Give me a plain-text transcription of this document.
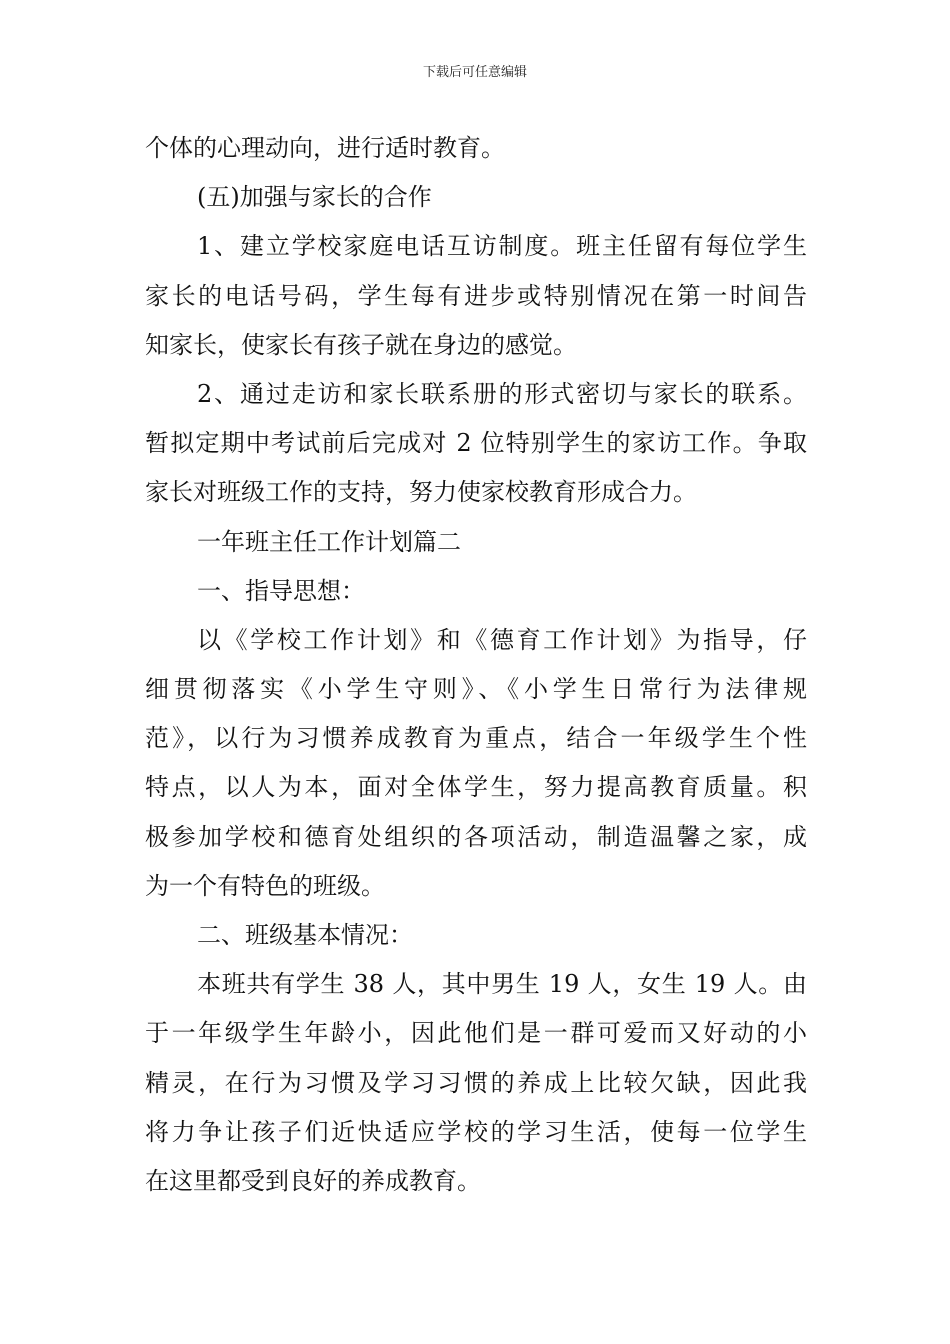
下载后可任意编辑
个体的心理动向，进行适时教育。
(五)加强与家长的合作
1、建立学校家庭电话互访制度。班主任留有每位学生
家长的电话号码，学生每有进步或特别情况在第一时间告
知家长，使家长有孩子就在身边的感觉。
2、通过走访和家长联系册的形式密切与家长的联系。
暂拟定期中考试前后完成对 2 位特别学生的家访工作。争取
家长对班级工作的支持，努力使家校教育形成合力。
一年班主任工作计划篇二
一、指导思想：
以《学校工作计划》和《德育工作计划》为指导，仔
细贯彻落实《小学生守则》、《小学生日常行为法律规
范》，以行为习惯养成教育为重点，结合一年级学生个性
特点，以人为本，面对全体学生，努力提高教育质量。积
极参加学校和德育处组织的各项活动，制造温馨之家，成
为一个有特色的班级。
二、班级基本情况：
本班共有学生 38 人，其中男生 19 人，女生 19 人。由
于一年级学生年龄小，因此他们是一群可爱而又好动的小
精灵，在行为习惯及学习习惯的养成上比较欠缺，因此我
将力争让孩子们近快适应学校的学习生活，使每一位学生
在这里都受到良好的养成教育。
